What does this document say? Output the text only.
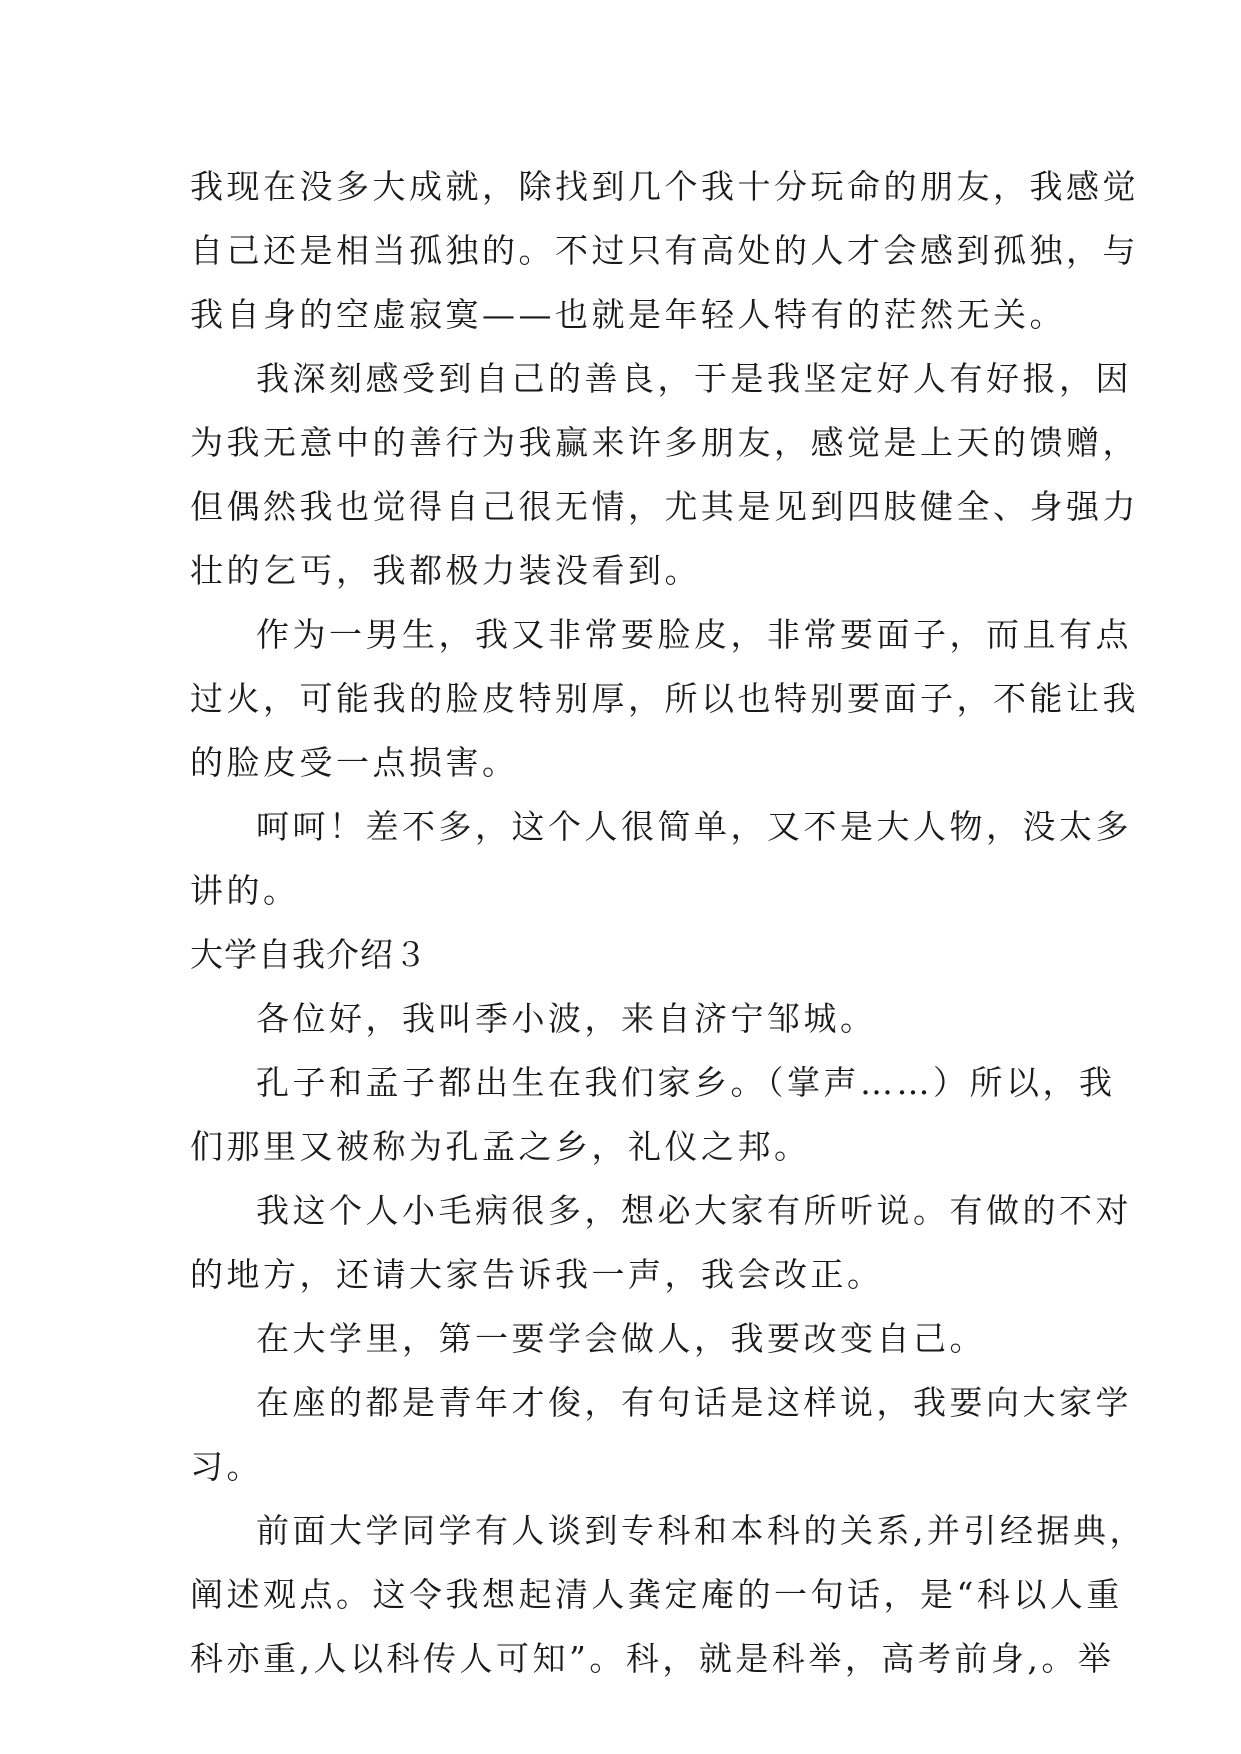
我现在没多大成就，除找到几个我十分玩命的朋友，我感觉
自己还是相当孤独的。不过只有高处的人才会感到孤独，与
我自身的空虚寂寞——也就是年轻人特有的茫然无关。
我深刻感受到自己的善良，于是我坚定好人有好报，因
为我无意中的善行为我赢来许多朋友，感觉是上天的馈赠，
但偶然我也觉得自己很无情，尤其是见到四肢健全、身强力
壮的乞丐，我都极力装没看到。
作为一男生，我又非常要脸皮，非常要面子，而且有点
过火，可能我的脸皮特别厚，所以也特别要面子，不能让我
的脸皮受一点损害。
呵呵！差不多，这个人很简单，又不是大人物，没太多
讲的。
大学自我介绍３
各位好，我叫季小波，来自济宁邹城。
孔子和孟子都出生在我们家乡。（掌声……）所以，我
们那里又被称为孔孟之乡，礼仪之邦。
我这个人小毛病很多，想必大家有所听说。有做的不对
的地方，还请大家告诉我一声，我会改正。
在大学里，第一要学会做人，我要改变自己。
在座的都是青年才俊，有句话是这样说，我要向大家学
习。
前面大学同学有人谈到专科和本科的关系,并引经据典，
阐述观点。这令我想起清人龚定庵的一句话，是“科以人重
科亦重,人以科传人可知”。科，就是科举，高考前身,。举
